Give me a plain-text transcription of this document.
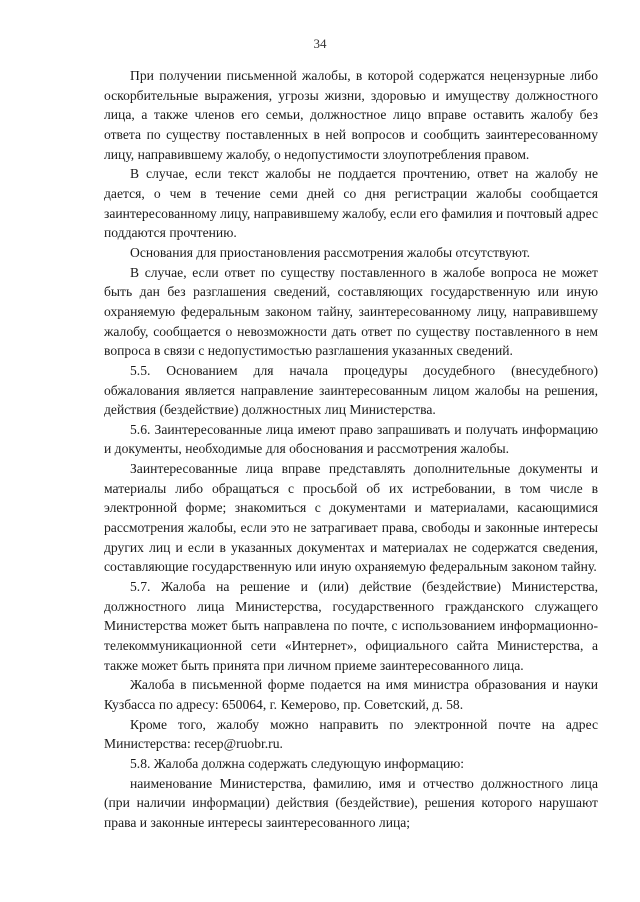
34

При получении письменной жалобы, в которой содержатся нецензурные либо оскорбительные выражения, угрозы жизни, здоровью и имуществу должностного лица, а также членов его семьи, должностное лицо вправе оставить жалобу без ответа по существу поставленных в ней вопросов и сообщить заинтересованному лицу, направившему жалобу, о недопустимости злоупотребления правом.

В случае, если текст жалобы не поддается прочтению, ответ на жалобу не дается, о чем в течение семи дней со дня регистрации жалобы сообщается заинтересованному лицу, направившему жалобу, если его фамилия и почтовый адрес поддаются прочтению.

Основания для приостановления рассмотрения жалобы отсутствуют.

В случае, если ответ по существу поставленного в жалобе вопроса не может быть дан без разглашения сведений, составляющих государственную или иную охраняемую федеральным законом тайну, заинтересованному лицу, направившему жалобу, сообщается о невозможности дать ответ по существу поставленного в нем вопроса в связи с недопустимостью разглашения указанных сведений.

5.5. Основанием для начала процедуры досудебного (внесудебного) обжалования является направление заинтересованным лицом жалобы на решения, действия (бездействие) должностных лиц Министерства.

5.6. Заинтересованные лица имеют право запрашивать и получать информацию и документы, необходимые для обоснования и рассмотрения жалобы.

Заинтересованные лица вправе представлять дополнительные документы и материалы либо обращаться с просьбой об их истребовании, в том числе в электронной форме; знакомиться с документами и материалами, касающимися рассмотрения жалобы, если это не затрагивает права, свободы и законные интересы других лиц и если в указанных документах и материалах не содержатся сведения, составляющие государственную или иную охраняемую федеральным законом тайну.

5.7. Жалоба на решение и (или) действие (бездействие) Министерства, должностного лица Министерства, государственного гражданского служащего Министерства может быть направлена по почте, с использованием информационно-телекоммуникационной сети «Интернет», официального сайта Министерства, а также может быть принята при личном приеме заинтересованного лица.

Жалоба в письменной форме подается на имя министра образования и науки Кузбасса по адресу: 650064, г. Кемерово, пр. Советский, д. 58.

Кроме того, жалобу можно направить по электронной почте на адрес Министерства: recep@ruobr.ru.

5.8. Жалоба должна содержать следующую информацию:

наименование Министерства, фамилию, имя и отчество должностного лица (при наличии информации) действия (бездействие), решения которого нарушают права и законные интересы заинтересованного лица;
